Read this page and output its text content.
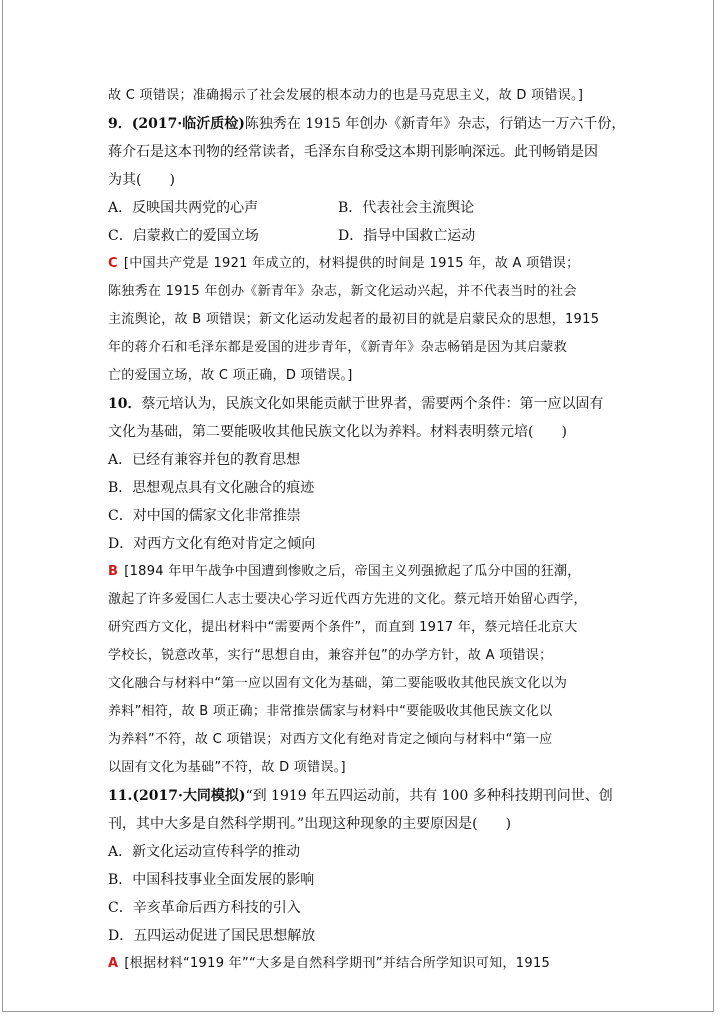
故 C 项错误；准确揭示了社会发展的根本动力的也是马克思主义，故 D 项错误。]
9．(2017·临沂质检)陈独秀在 1915 年创办《新青年》杂志，行销达一万六千份，
蒋介石是这本刊物的经常读者，毛泽东自称受这本期刊影响深远。此刊畅销是因
为其(　　)
A．反映国共两党的心声	B．代表社会主流舆论
C．启蒙救亡的爱国立场	D．指导中国救亡运动
C [中国共产党是 1921 年成立的，材料提供的时间是 1915 年，故 A 项错误；
陈独秀在 1915 年创办《新青年》杂志，新文化运动兴起，并不代表当时的社会
主流舆论，故 B 项错误；新文化运动发起者的最初目的就是启蒙民众的思想，1915
年的蒋介石和毛泽东都是爱国的进步青年，《新青年》杂志畅销是因为其启蒙救
亡的爱国立场，故 C 项正确，D 项错误。]
10．蔡元培认为，民族文化如果能贡献于世界者，需要两个条件：第一应以固有
文化为基础，第二要能吸收其他民族文化以为养料。材料表明蔡元培(　　)
A．已经有兼容并包的教育思想
B．思想观点具有文化融合的痕迹
C．对中国的儒家文化非常推崇
D．对西方文化有绝对肯定之倾向
B [1894 年甲午战争中国遭到惨败之后，帝国主义列强掀起了瓜分中国的狂潮，
激起了许多爱国仁人志士要决心学习近代西方先进的文化。蔡元培开始留心西学，
研究西方文化，提出材料中“需要两个条件”，而直到 1917 年，蔡元培任北京大
学校长，锐意改革，实行“思想自由，兼容并包”的办学方针，故 A 项错误；
文化融合与材料中“第一应以固有文化为基础，第二要能吸收其他民族文化以为
养料”相符，故 B 项正确；非常推崇儒家与材料中“要能吸收其他民族文化以
为养料”不符，故 C 项错误；对西方文化有绝对肯定之倾向与材料中“第一应
以固有文化为基础”不符，故 D 项错误。]
11.(2017·大同模拟)“到 1919 年五四运动前，共有 100 多种科技期刊问世、创
刊，其中大多是自然科学期刊。”出现这种现象的主要原因是(　　)
A．新文化运动宣传科学的推动
B．中国科技事业全面发展的影响
C．辛亥革命后西方科技的引入
D．五四运动促进了国民思想解放
A [根据材料“1919 年”“大多是自然科学期刊”并结合所学知识可知，1915
